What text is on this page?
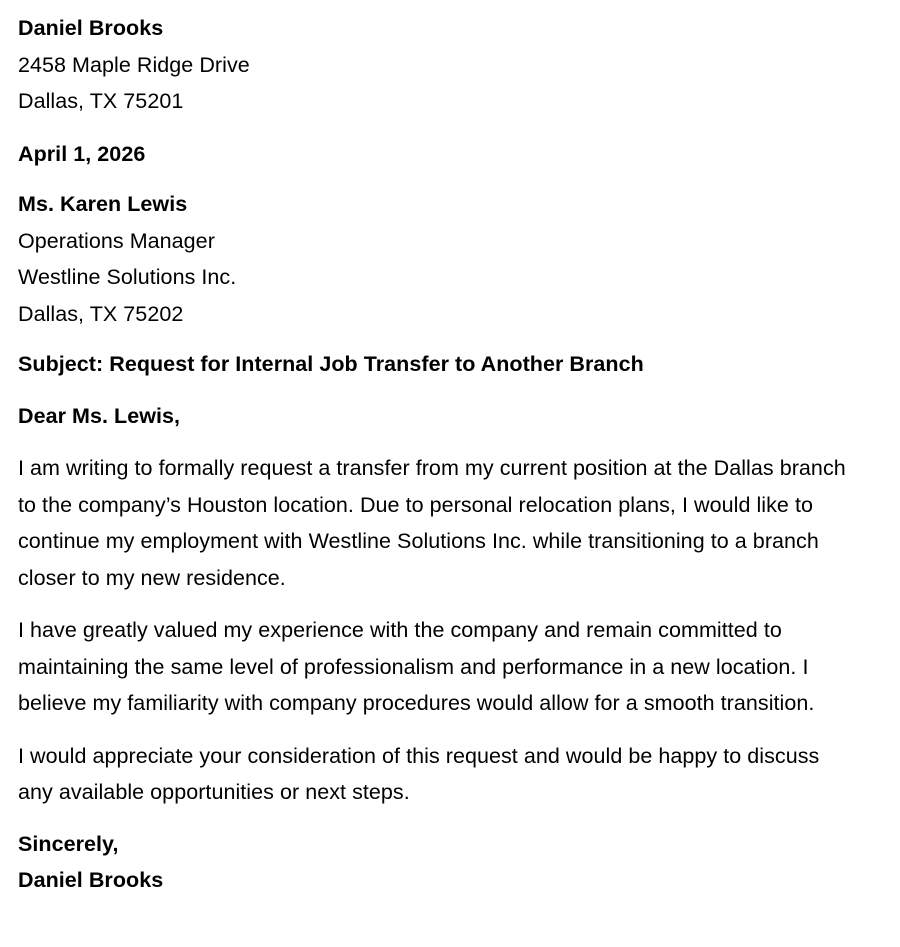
Daniel Brooks
2458 Maple Ridge Drive
Dallas, TX 75201
April 1, 2026
Ms. Karen Lewis
Operations Manager
Westline Solutions Inc.
Dallas, TX 75202
Subject: Request for Internal Job Transfer to Another Branch
Dear Ms. Lewis,

I am writing to formally request a transfer from my current position at the Dallas branch to the company’s Houston location. Due to personal relocation plans, I would like to continue my employment with Westline Solutions Inc. while transitioning to a branch closer to my new residence.

I have greatly valued my experience with the company and remain committed to maintaining the same level of professionalism and performance in a new location. I believe my familiarity with company procedures would allow for a smooth transition.

I would appreciate your consideration of this request and would be happy to discuss any available opportunities or next steps.

Sincerely,
Daniel Brooks
